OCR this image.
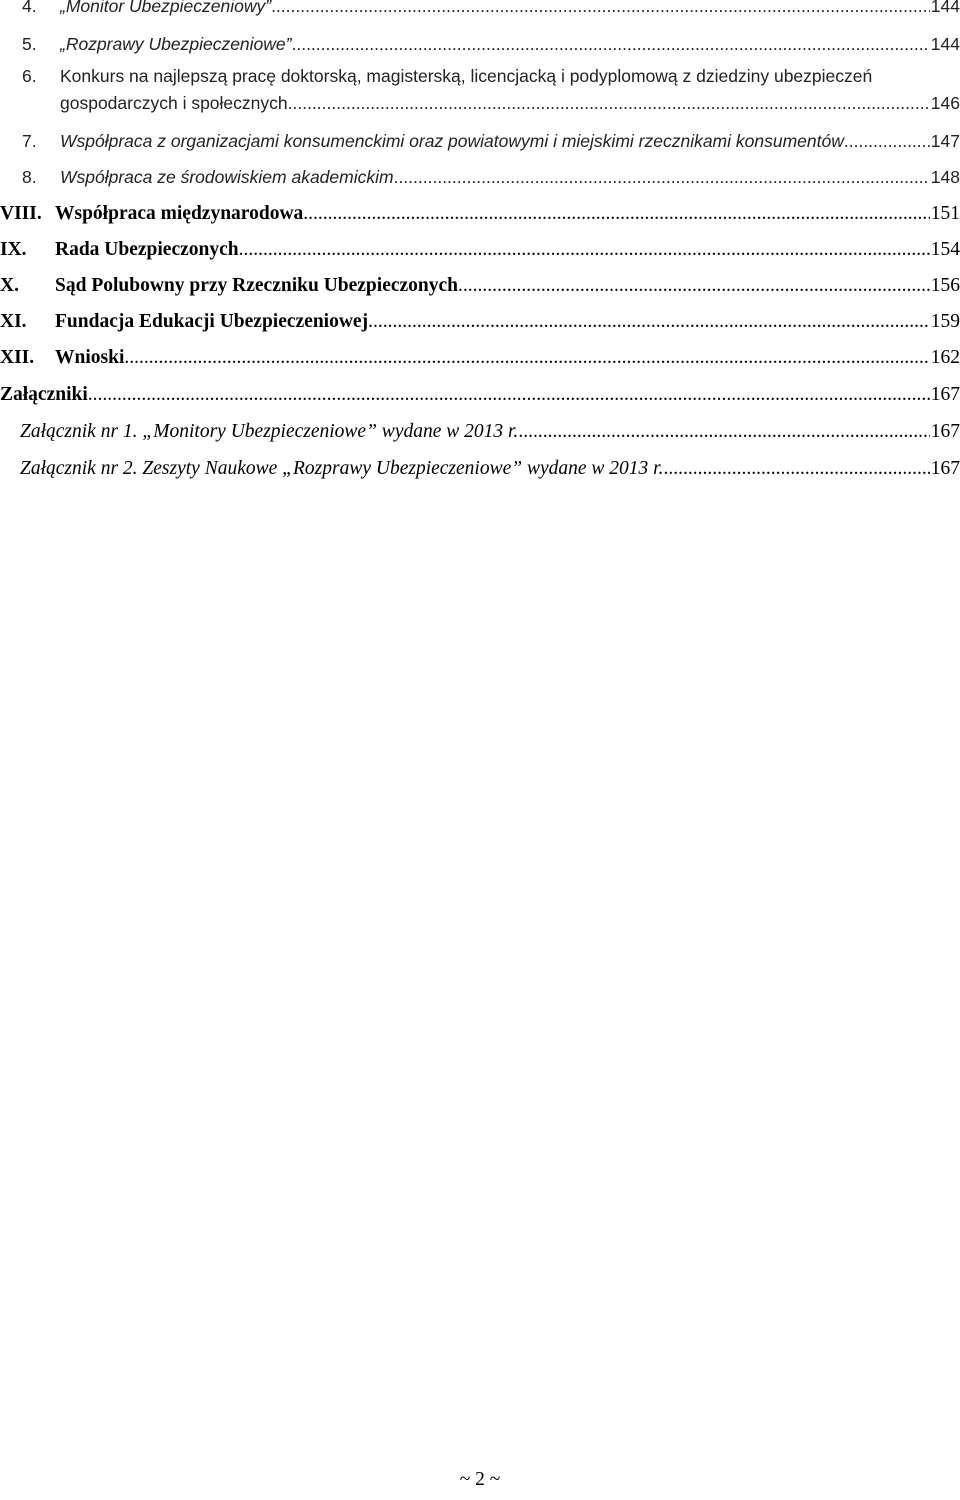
4.	„Monitor Ubezpieczeniowy” .....	144
5.	„Rozprawy Ubezpieczeniowe” .....	144
6. Konkurs na najlepszą pracę doktorską, magisterską, licencjacką i podyplomową z dziedziny ubezpieczeń
gospodarczych i społecznych .....	146
7.	Współpraca z organizacjami konsumenckimi oraz powiatowymi i miejskimi rzecznikami konsumentów .....	147
8.	Współpraca ze środowiskiem akademickim .....	148
VIII. Współpraca międzynarodowa .....	151
IX.	Rada Ubezpieczonych .....	154
X.	Sąd Polubowny przy Rzeczniku Ubezpieczonych .....	156
XI.	Fundacja Edukacji Ubezpieczeniowej .....	159
XII.	Wnioski .....	162
Załączniki .....	167
Załącznik nr 1. „Monitory Ubezpieczeniowe” wydane w 2013 r. .....	167
Załącznik nr 2. Zeszyty Naukowe „Rozprawy Ubezpieczeniowe” wydane w 2013 r. .....	167
~ 2 ~
